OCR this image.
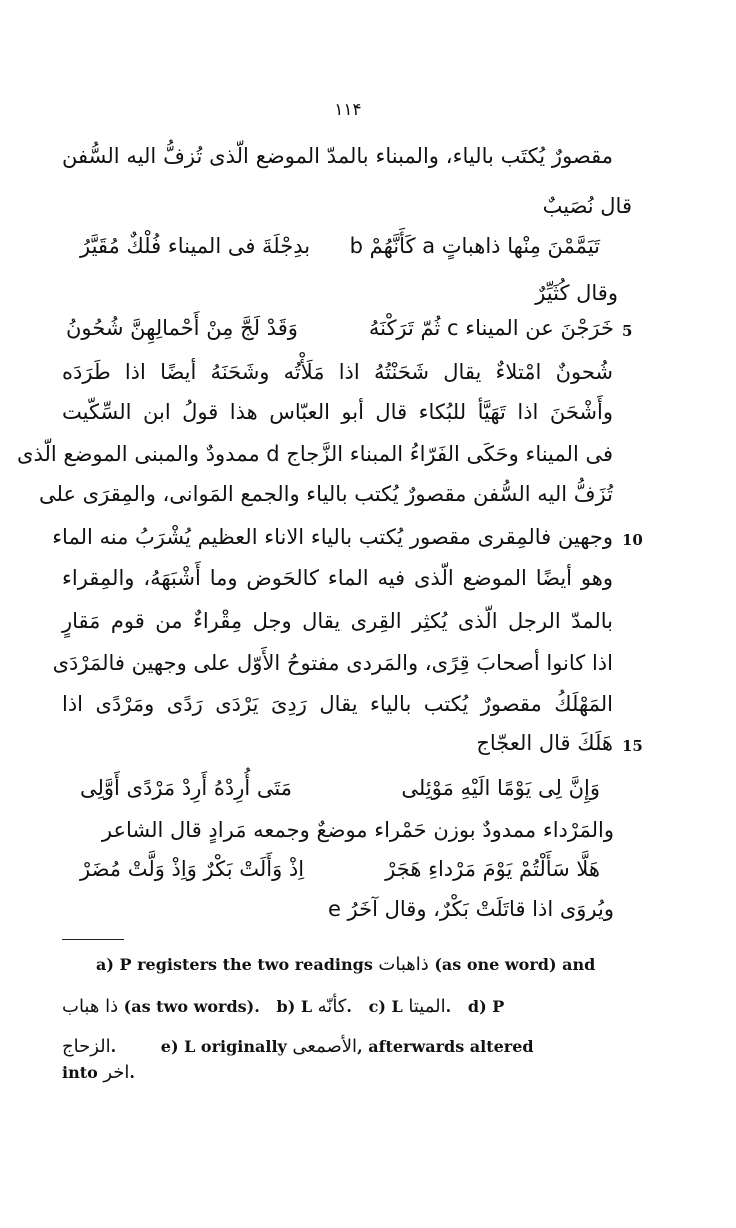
١١۴
مقصورٌ يُكتَب بالياء، والمبناء بالمدّ الموضع الّذى تُزفُّ اليه السُّفن
قال نُصَيبٌ
تَيَمَّمْنَ مِنْها ذاهباتٍ a كَأَنَّهُمْ b
بدِجْلَةَ فى الميناء فُلْكٌ مُقَيَّرُ
وقال كُثَيِّرٌ
5
خَرَجْنَ عن الميناء c ثُمّ تَرَكْنَهُ
وَقَدْ لَجَّ مِنْ أَحْمالِهِنَّ شُحُونُ
شُحونٌ امْتلاءٌ يقال شَحَنْتُهُ اذا مَلَأْتُه وشَحَنَهُ أيضًا اذا طَرَدَه
وأَشْحَنَ اذا تَهَيَّأ للبُكاء قال أبو العبّاس هذا قولُ ابن السِّكّيت
فى الميناء وحَكَى الفَرّاءُ المبناء الزَّجاج d ممدودٌ والمبنى الموضع الّذى
تُزَفُّ اليه السُّفن مقصورٌ يُكتب بالياء والجمع المَوانى، والمِقرَى على
10
وجهين فالمِقرى مقصور يُكتب بالياء الاناء العظيم يُشْرَبُ منه الماء
وهو أيضًا الموضع الّذى فيه الماء كالحَوض وما أَشْبَهَهُ، والمِقراء
بالمدّ الرجل الّذى يُكثِر القِرى يقال وجل مِقْراءٌ من قوم مَقارٍ
اذا كانوا أصحابَ قِرًى، والمَردى مفتوحُ الأَوّل على وجهين فالمَرْدَى
المَهْلَكُ مقصورٌ يُكتب بالياء يقال رَدِىَ يَرْدَى رَدًى ومَرْدًى اذا
15
هَلَكَ قال العجّاج
وَإِنَّ لِى يَوْمًا الَيْهِ مَوْئِلى
مَتَى أُرِدْهُ أَرِدْ مَرْدًى أَوَّلِى
والمَرْداء ممدودٌ بوزن حَمْراء موضعٌ وجمعه مَرادٍ قال الشاعر
هَلَّا سَأَلْتُمْ يَوْمَ مَرْداءِ هَجَرْ
اِذْ وَأَلَتْ بَكْرٌ وَاِذْ وَلَّتْ مُضَرْ
ويُروَى اذا قاتَلَتْ بَكْرٌ، وقال آخَرُ e
a) P registers the two readings ذاهبات (as one word) and
ذا هباب (as two words).   b) L كأنّه.   c) L الميتا.   d) P
الزحاج.        e) L originally الأصمعى, afterwards altered
into اخر.
